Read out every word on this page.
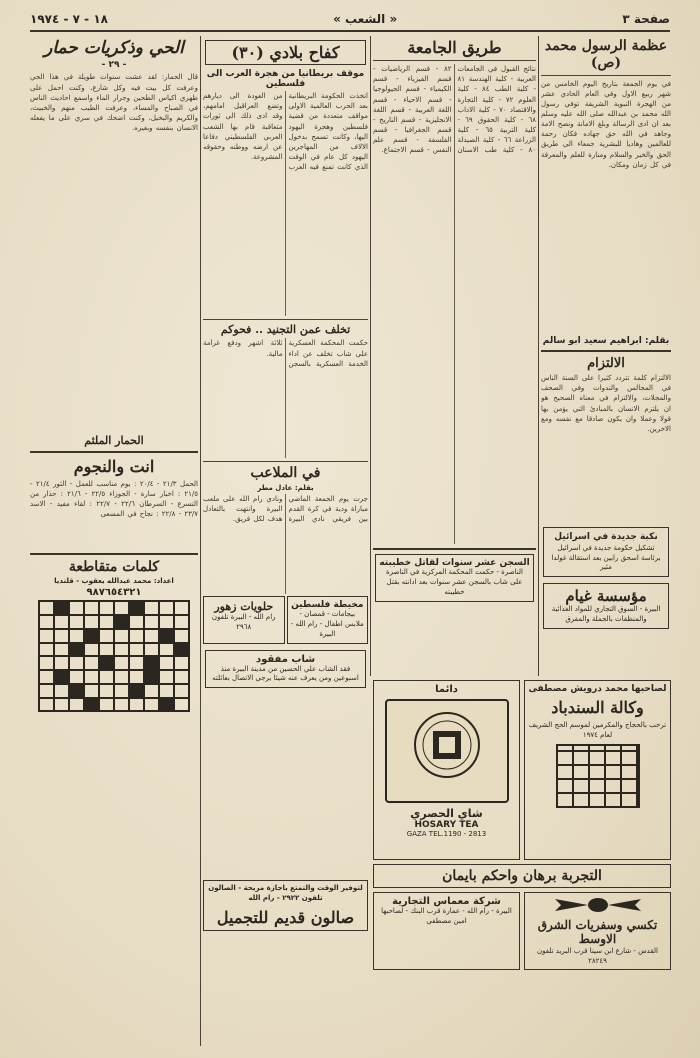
صفحة ٣
« الشعب »
١٨ - ٧ - ١٩٧٤
عظمة الرسول محمد (ص)
في يوم الجمعة بتاريخ اليوم الخامس من شهر ربيع الاول وفي العام الحادي عشر من الهجرة النبوية الشريفة توفي رسول الله محمد بن عبدالله صلى الله عليه وسلم بعد ان ادى الرسالة وبلغ الامانة ونصح الامة وجاهد في الله حق جهاده فكان رحمة للعالمين وهاديا للبشرية جمعاء الى طريق الحق والخير والسلام ومنارة للعلم والمعرفة في كل زمان ومكان.
بقلم: ابراهيم سعيد ابو سالم
الالتزام
الالتزام كلمة تتردد كثيرا على السنة الناس في المجالس والندوات وفي الصحف والمجلات، والالتزام في معناه الصحيح هو ان يلتزم الانسان بالمبادئ التي يؤمن بها قولا وعملا وان يكون صادقا مع نفسه ومع الاخرين.
نكبة جديدة في اسرائيل
تشكيل حكومة جديدة في اسرائيل برئاسة اسحق رابين بعد استقالة غولدا مئير
مؤسسة غيام
البيرة - السوق التجاري للمواد الغذائية والمنظفات بالجملة والمفرق
طريق الجامعة
نتائج القبول في الجامعات العربية - كلية الهندسة ٨١ - كلية الطب ٨٤ - كلية العلوم ٧٢ - كلية التجارة والاقتصاد ٧٠ - كلية الاداب ٦٨ - كلية الحقوق ٦٩ - كلية التربية ٦٥ - كلية الزراعة ٦٦ - كلية الصيدلة ٨٠ - كلية طب الاسنان ٨٢ - قسم الرياضيات - قسم الفيزياء - قسم الكيمياء - قسم الجيولوجيا - قسم الاحياء - قسم اللغة العربية - قسم اللغة الانجليزية - قسم التاريخ - قسم الجغرافيا - قسم الفلسفة - قسم علم النفس - قسم الاجتماع.
السجن عشر سنوات لقاتل خطيبته
الناصرة - حكمت المحكمة المركزية في الناصرة على شاب بالسجن عشر سنوات بعد ادانته بقتل خطيبته
كفاح بلادي (٣٠)
موقف بريطانيا من هجرة العرب الى فلسطين
اتخذت الحكومة البريطانية بعد الحرب العالمية الاولى مواقف متعددة من قضية فلسطين وهجرة اليهود اليها، وكانت تسمح بدخول الالاف من المهاجرين اليهود كل عام في الوقت الذي كانت تمنع فيه العرب من العودة الى ديارهم وتضع العراقيل امامهم، وقد ادى ذلك الى ثورات متعاقبة قام بها الشعب العربي الفلسطيني دفاعا عن ارضه ووطنه وحقوقه المشروعة.
تخلف عمن التجنيد .. فحوكم
حكمت المحكمة العسكرية على شاب تخلف عن اداء الخدمة العسكرية بالسجن ثلاثة اشهر ودفع غرامة مالية.
في الملاعب
بقلم: عادل مطر
جرت يوم الجمعة الماضي مباراة ودية في كرة القدم بين فريقي نادي البيرة ونادي رام الله على ملعب البيرة وانتهت بالتعادل هدف لكل فريق.
مخيطة فلسطين
بيجامات - قمصان - ملابس اطفال - رام الله - البيرة
حلويات زهور
رام الله - البيرة تلفون ٢٩٦٨
شاب مفقود
فقد الشاب علي الحسين من مدينة البيرة منذ اسبوعين ومن يعرف عنه شيئا يرجى الاتصال بعائلته
الحي وذكريات حمار
- ٢٩ -
قال الحمار: لقد عشت سنوات طويلة في هذا الحي وعرفت كل بيت فيه وكل شارع، وكنت احمل على ظهري اكياس الطحين وجرار الماء واسمع احاديث الناس في الصباح والمساء، وعرفت الطيب منهم والخبيث، والكريم والبخيل، وكنت اضحك في سري على ما يفعله الانسان بنفسه وبغيره.
الحمار الملثم
انت والنجوم
الحمل ٢١/٣ - ٢٠/٤ : يوم مناسب للعمل - الثور ٢١/٤ - ٢١/٥ : اخبار سارة - الجوزاء ٢٢/٥ - ٢١/٦ : حذار من التسرع - السرطان ٢٢/٦ - ٢٢/٧ : لقاء مفيد - الاسد ٢٣/٧ - ٢٢/٨ : نجاح في المسعى
كلمات متقاطعة
اعداد: محمد عبدالله يعقوب - قلنديا
٩٨٧٦٥٤٣٢١
لصاحبها محمد درويش مصطفى
وكالة السندباد
ترحب بالحجاج والمكرمين لموسم الحج الشريف لعام ١٩٧٤
دائما
شاي الحصري
HOSARY TEA
GAZA TEL.1190 - 2813
التجربة برهان واحكم بايمان
تكسي وسفريات الشرق الاوسط
القدس - شارع ابن سينا قرب البريد تلفون ٢٨٢٤٩
شركة معماس التجارية
البيرة - رام الله - عمارة قرب البنك - لصاحبها امين مصطفى
لتوفير الوقت والتمتع باجازة مريحة - الصالون تلفون ٢٩٢٢ - رام الله
صالون قديم للتجميل
